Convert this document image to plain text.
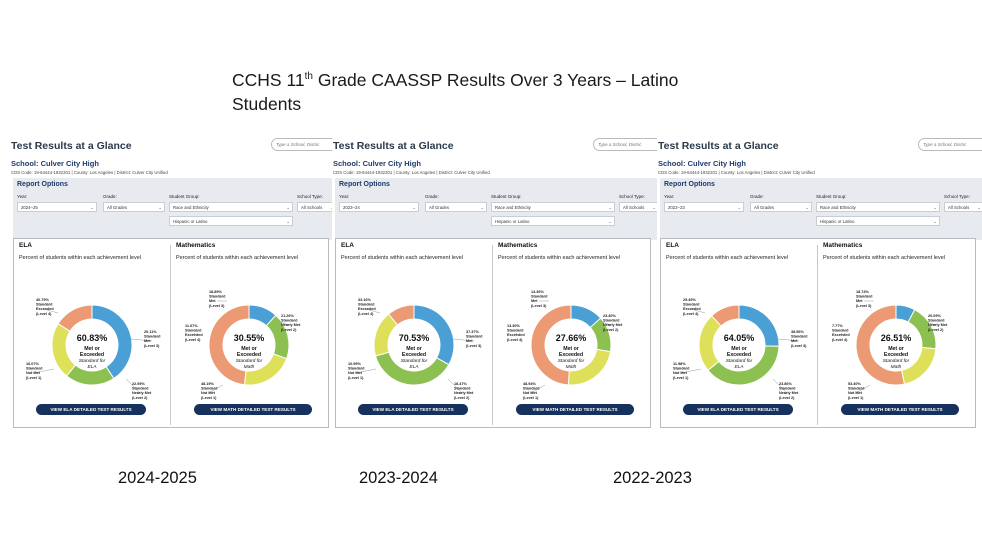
CCHS 11th Grade CAASSP Results Over 3 Years – Latino
Students
Test Results at a Glance	Type a School, Distric
School: Culver City High
CDS Code: 19-64444-1932201 | County: Los Angeles | District: Culver City Unified
Report Options
Year:	Grade:	Student Group:	School Type:
2024–25	⌄	All Grades	⌄	Race and Ethnicity	⌄
Hispanic or Latino	⌄
All Schools
ELA
Percent of students within each achievement level
VIEW ELA DETAILED TEST RESULTS
Mathematics
Percent of students within each achievement level
VIEW MATH DETAILED TEST RESULTS
60.83%
Met or
Exceeded
Standard for
ELA
40.79%
Standard
Exceeded
(Level 4)
20.11%
Standard
Met
(Level 3)
22.95%
Standard
Nearly Met
(Level 2)
16.07%
Standard
Not Met
(Level 1)
30.55%
Met or
Exceeded
Standard for
Math
18.89%
Standard
Met
(Level 3)
21.26%
Standard
Nearly Met
(Level 2)
48.19%
Standard
Not Met
(Level 1)
11.67%
Standard
Exceeded
(Level 4)
Test Results at a Glance	Type a School, Distric
School: Culver City High
CDS Code: 19-64444-1932201 | County: Los Angeles | District: Culver City Unified
Report Options
Year:	Grade:	Student Group:	School Type:
2023–24	⌄	All Grades	⌄	Race and Ethnicity	⌄
Hispanic or Latino	⌄
All Schools ⌄
ELA
Percent of students within each achievement level
VIEW ELA DETAILED TEST RESULTS
Mathematics
Percent of students within each achievement level
VIEW MATH DETAILED TEST RESULTS
70.53%
Met or
Exceeded
Standard for
ELA
33.16%
Standard
Exceeded
(Level 4)
37.37%
Standard
Met
(Level 3)
18.47%
Standard
Nearly Met
(Level 2)
10.95%
Standard
Not Met
(Level 1)
27.66%
Met or
Exceeded
Standard for
Math
14.36%
Standard
Met
(Level 3)
23.40%
Standard
Nearly Met
(Level 2)
48.94%
Standard
Not Met
(Level 1)
13.30%
Standard
Exceeded
(Level 4)
Test Results at a Glance	Type a School, Distric
School: Culver City High
CDS Code: 19-64444-1932201 | County: Los Angeles | District: Culver City Unified
Report Options
Year:	Grade:	Student Group:	School Type:
2022–23	⌄	All Grades	⌄	Race and Ethnicity	⌄
Hispanic or Latino	⌄
All Schools ⌄
ELA
Percent of students within each achievement level
VIEW ELA DETAILED TEST RESULTS
Mathematics
Percent of students within each achievement level
VIEW MATH DETAILED TEST RESULTS
64.05%
Met or
Exceeded
Standard for
ELA
25.49%
Standard
Exceeded
(Level 4)
38.56%
Standard
Met
(Level 3)
23.86%
Standard
Nearly Met
(Level 2)
11.98%
Standard
Not Met
(Level 1)
26.51%
Met or
Exceeded
Standard for
Math
18.74%
Standard
Met
(Level 3)
20.09%
Standard
Nearly Met
(Level 2)
53.40%
Standard
Not Met
(Level 1)
7.77%
Standard
Exceeded
(Level 4)
2024-2025	2023-2024	2022-2023
